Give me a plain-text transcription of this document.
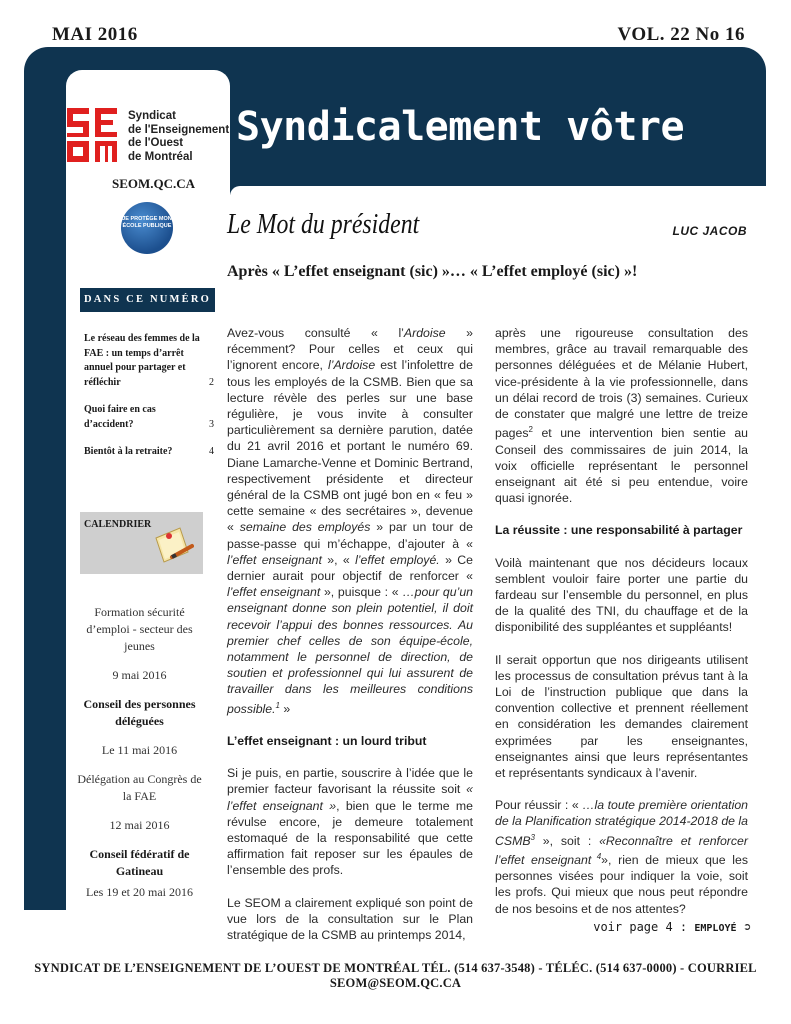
MAI 2016	VOL. 22 No 16
Syndicat
de l'Enseignement
de l'Ouest
de Montréal
SEOM.QC.CA
JE PROTÈGE MON ÉCOLE PUBLIQUE
Syndicalement vôtre
Le Mot du président	LUC JACOB
Après « L’effet enseignant (sic) »… « L’effet employé (sic) »!
DANS CE NUMÉRO :
Le réseau des femmes de la FAE : un temps d’arrêt annuel pour partager et réfléchir	2
Quoi faire en cas d’accident?	3
Bientôt à la retraite?	4
CALENDRIER
Formation sécurité d’emploi - secteur des jeunes
9 mai 2016
Conseil des personnes déléguées
Le 11 mai 2016
Délégation au Congrès de la FAE
12 mai 2016
Conseil fédératif de Gatineau
Les 19 et 20 mai 2016

Avez-vous consulté « l’Ardoise » récemment? Pour celles et ceux qui l’ignorent encore, l’Ardoise est l’infolettre de tous les employés de la CSMB. Bien que sa lecture révèle des perles sur une base régulière, je vous invite à consulter particulièrement sa dernière parution, datée du 21 avril 2016 et portant le numéro 69. Diane Lamarche-Venne et Dominic Bertrand, respectivement présidente et directeur général de la CSMB ont jugé bon en « feu » cette semaine « des secrétaires », devenue « semaine des employés » par un tour de passe-passe qui m’échappe, d’ajouter à « l’effet enseignant », « l’effet employé. » Ce dernier aurait pour objectif de renforcer « l’effet enseignant », puisque : « …pour qu’un enseignant donne son plein potentiel, il doit recevoir l’appui des bonnes ressources. Au premier chef celles de son équipe-école, notamment le personnel de direction, de soutien et professionnel qui lui assurent de travailler dans les meilleures conditions possible.$^1$ »

L’effet enseignant : un lourd tribut

Si je puis, en partie, souscrire à l’idée que le premier facteur favorisant la réussite soit « l’effet enseignant », bien que le terme me révulse encore, je demeure totalement estomaqué de la responsabilité que cette affirmation fait reposer sur les épaules de l’ensemble des profs.

Le SEOM a clairement expliqué son point de vue lors de la consultation sur le Plan stratégique de la CSMB au printemps 2014,

après une rigoureuse consultation des membres, grâce au travail remarquable des personnes déléguées et de Mélanie Hubert, vice-présidente à la vie professionnelle, dans un délai record de trois (3) semaines. Curieux de constater que malgré une lettre de treize pages$^2$ et une intervention bien sentie au Conseil des commissaires de juin 2014, la voix officielle représentant le personnel enseignant ait été si peu entendue, voire quasi ignorée.

La réussite : une responsabilité à partager

Voilà maintenant que nos décideurs locaux semblent vouloir faire porter une partie du fardeau sur l’ensemble du personnel, en plus de la qualité des TNI, du chauffage et de la disponibilité des suppléantes et suppléants!

Il serait opportun que nos dirigeants utilisent les processus de consultation prévus tant à la Loi de l’instruction publique que dans la convention collective et prennent réellement en considération les demandes clairement exprimées par les enseignantes, enseignantes ainsi que leurs représentantes et représentants syndicaux à l’avenir.

Pour réussir : « …la toute première orientation de la Planification stratégique 2014-2018 de la CSMB$^3$ », soit : «Reconnaître et renforcer l’effet enseignant $^4$», rien de mieux que les personnes visées pour indiquer la voie, soit les profs. Qui mieux que nous peut répondre de nos besoins et de nos attentes?

voir page 4 : EMPLOYÉ ➲
SYNDICAT DE L’ENSEIGNEMENT DE L’OUEST DE MONTRÉAL TÉL. (514 637-3548) - TÉLÉC. (514 637-0000) - COURRIEL SEOM@SEOM.QC.CA
